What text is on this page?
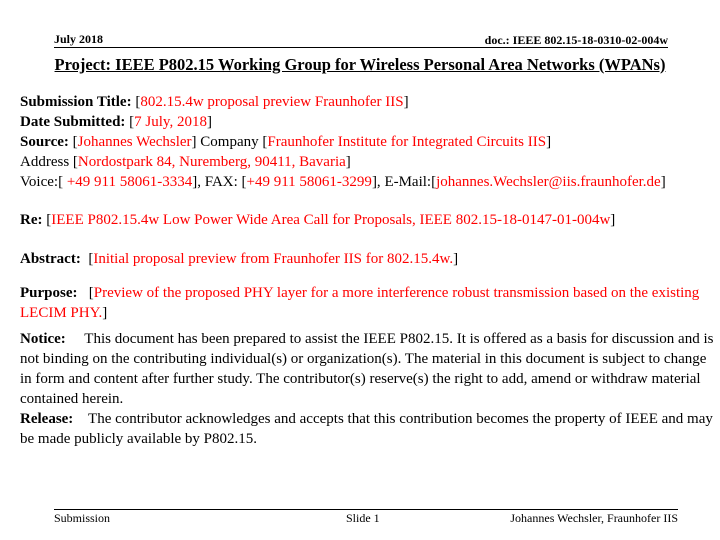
July 2018	doc.: IEEE 802.15-18-0310-02-004w
Project: IEEE P802.15 Working Group for Wireless Personal Area Networks (WPANs)

Submission Title: [802.15.4w proposal preview Fraunhofer IIS]

Date Submitted: [7 July, 2018]

Source: [Johannes Wechsler] Company [Fraunhofer Institute for Integrated Circuits IIS]

Address [Nordostpark 84, Nuremberg, 90411, Bavaria]

Voice:[ +49 911 58061-3334], FAX: [+49 911 58061-3299], E-Mail:[johannes.Wechsler@iis.fraunhofer.de]

Re: [IEEE P802.15.4w Low Power Wide Area Call for Proposals, IEEE 802.15-18-0147-01-004w]

Abstract:  [Initial proposal preview from Fraunhofer IIS for 802.15.4w.]

Purpose:   [Preview of the proposed PHY layer for a more interference robust transmission based on the existing LECIM PHY.]

Notice: This document has been prepared to assist the IEEE P802.15. It is offered as a basis for discussion and is not binding on the contributing individual(s) or organization(s). The material in this document is subject to change in form and content after further study. The contributor(s) reserve(s) the right to add, amend or withdraw material contained herein.

Release: The contributor acknowledges and accepts that this contribution becomes the property of IEEE and may be made publicly available by P802.15.

Submission	Slide 1	Johannes Wechsler, Fraunhofer IIS
